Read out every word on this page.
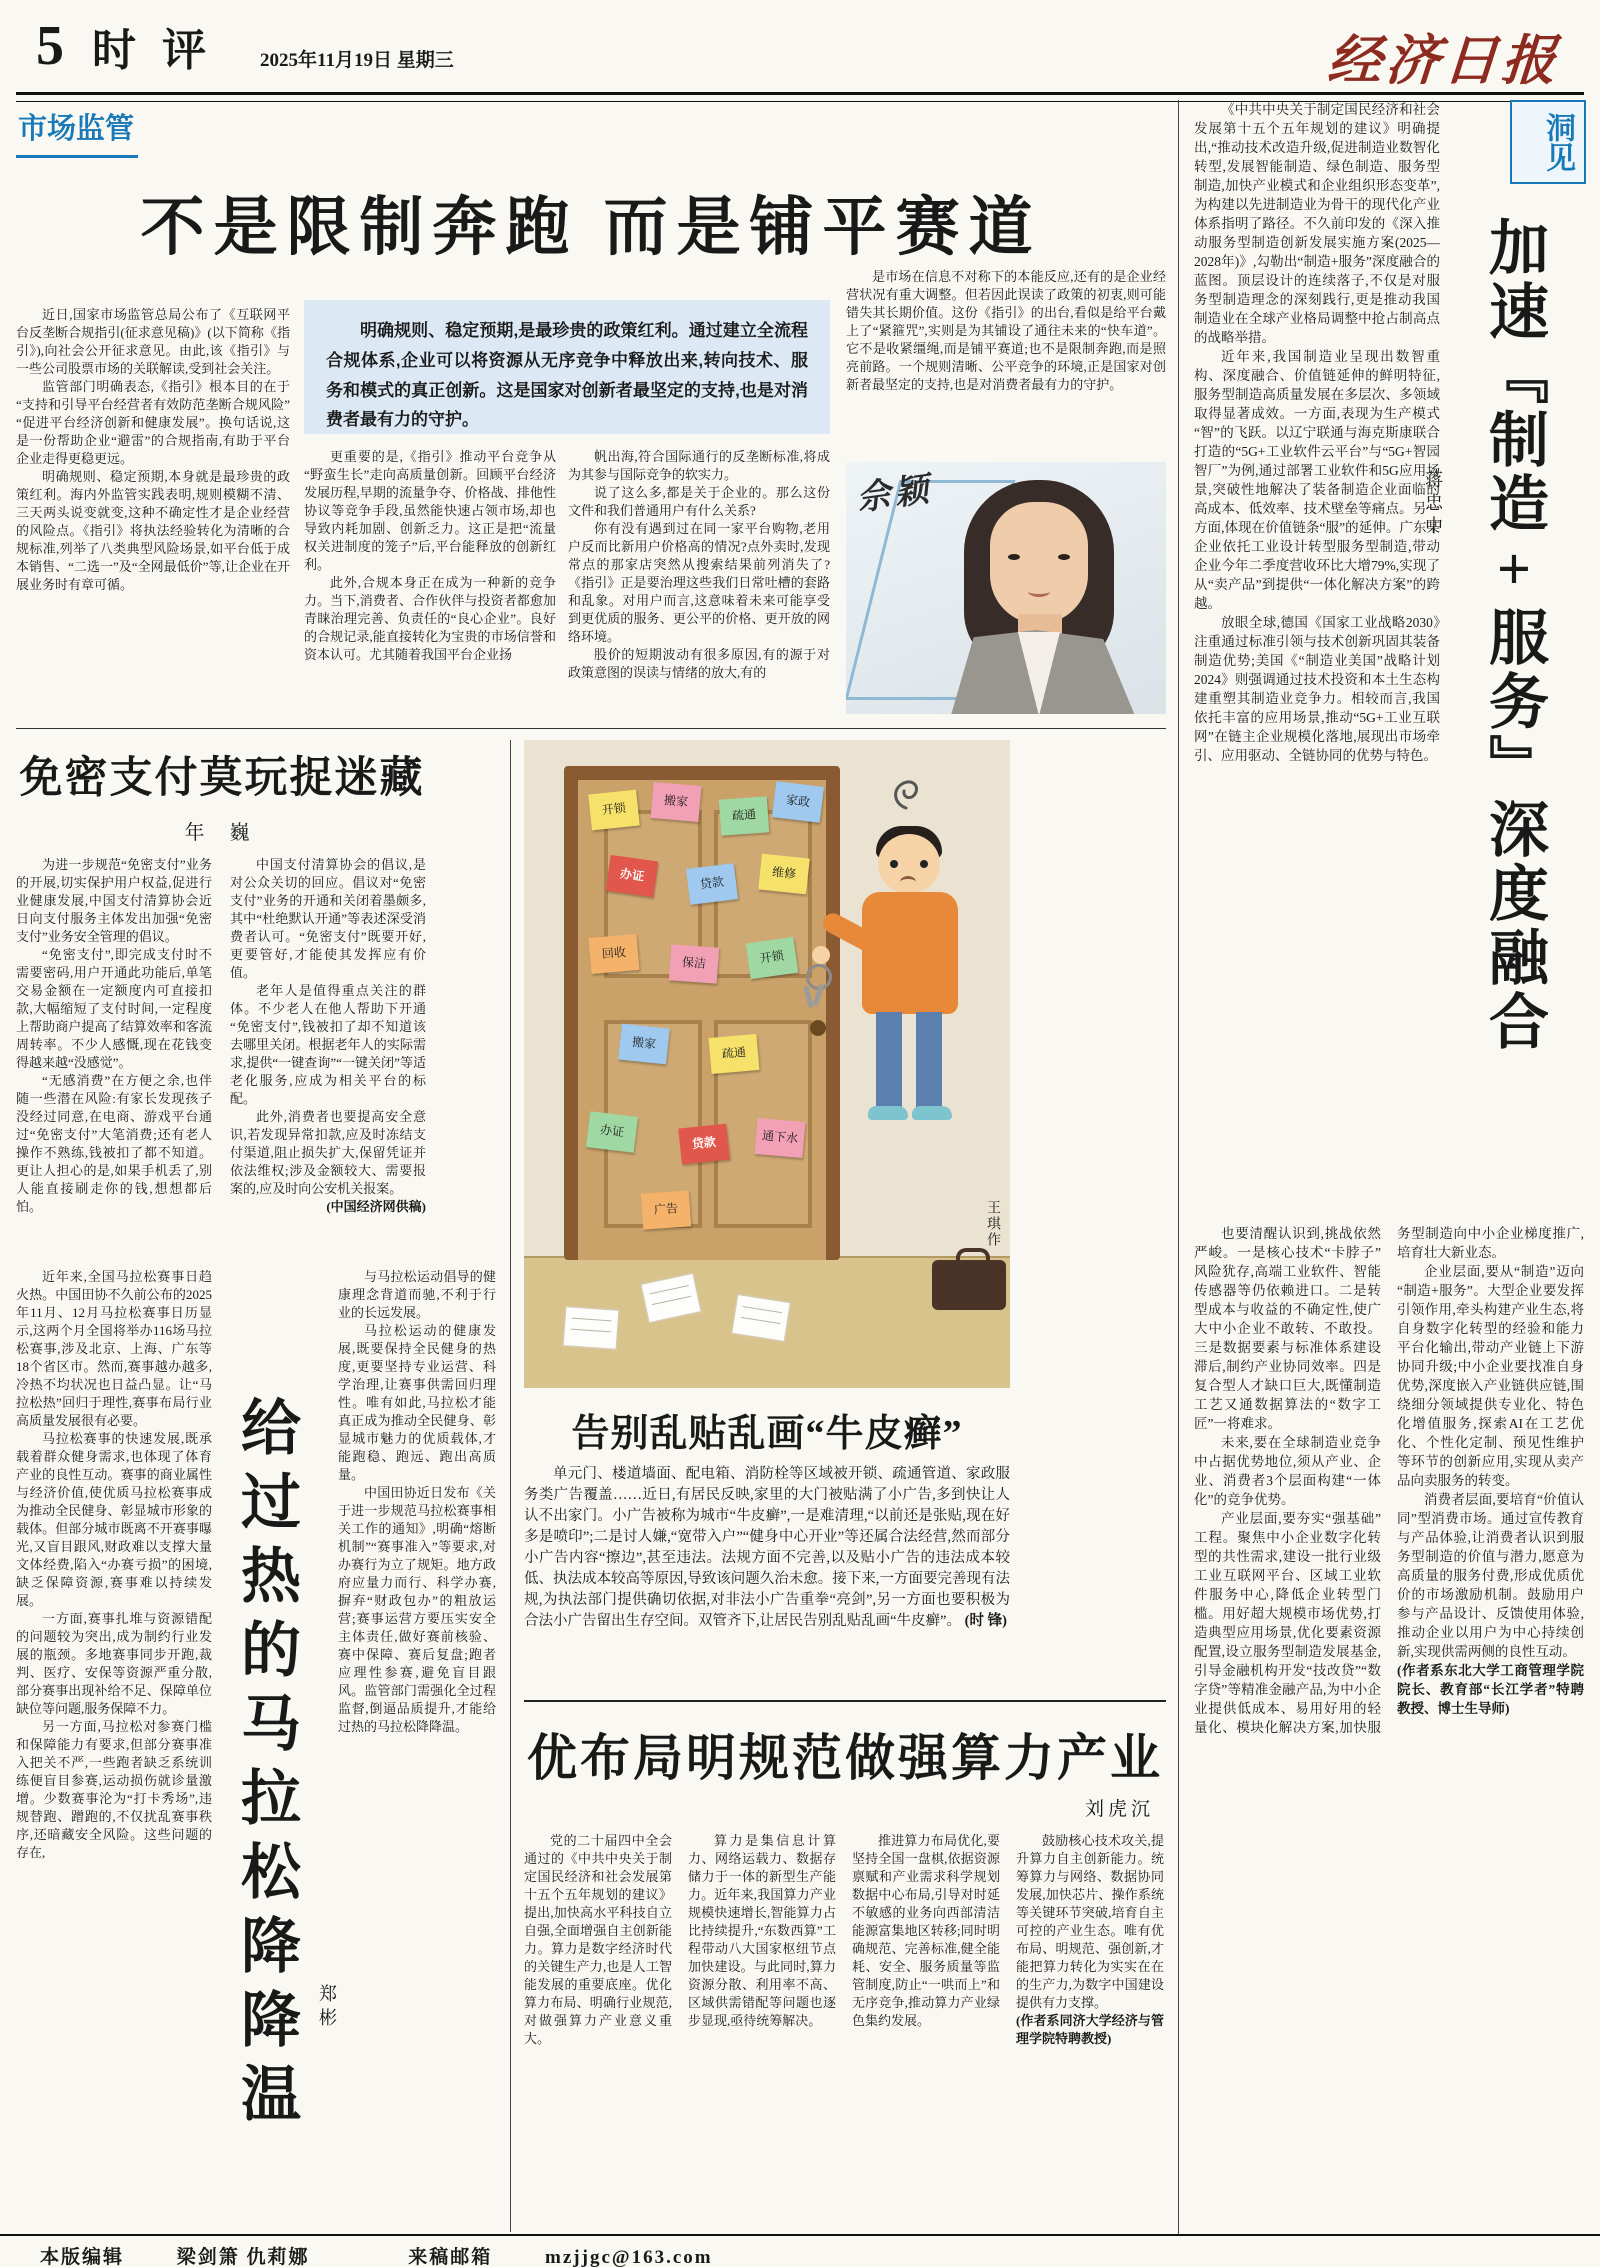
5 时评 2025年11月19日 星期三	经济日报
市场监管
不是限制奔跑 而是铺平赛道

明确规则、稳定预期,是最珍贵的政策红利。通过建立全流程合规体系,企业可以将资源从无序竞争中释放出来,转向技术、服务和模式的真正创新。这是国家对创新者最坚定的支持,也是对消费者最有力的守护。

近日,国家市场监管总局公布了《互联网平台反垄断合规指引(征求意见稿)》(以下简称《指引》),向社会公开征求意见。由此,该《指引》与一些公司股票市场的关联解读,受到社会关注。

监管部门明确表态,《指引》根本目的在于“支持和引导平台经营者有效防范垄断合规风险”“促进平台经济创新和健康发展”。换句话说,这是一份帮助企业“避雷”的合规指南,有助于平台企业走得更稳更远。

明确规则、稳定预期,本身就是最珍贵的政策红利。海内外监管实践表明,规则模糊不清、三天两头说变就变,这种不确定性才是企业经营的风险点。《指引》将执法经验转化为清晰的合规标准,列举了八类典型风险场景,如平台低于成本销售、“二选一”及“全网最低价”等,让企业在开展业务时有章可循。

更重要的是,《指引》推动平台竞争从“野蛮生长”走向高质量创新。回顾平台经济发展历程,早期的流量争夺、价格战、排他性协议等竞争手段,虽然能快速占领市场,却也导致内耗加剧、创新乏力。这正是把“流量权关进制度的笼子”后,平台能释放的创新红利。

此外,合规本身正在成为一种新的竞争力。当下,消费者、合作伙伴与投资者都愈加青睐治理完善、负责任的“良心企业”。良好的合规记录,能直接转化为宝贵的市场信誉和资本认可。尤其随着我国平台企业扬

帆出海,符合国际通行的反垄断标准,将成为其参与国际竞争的软实力。

说了这么多,都是关于企业的。那么这份文件和我们普通用户有什么关系?

你有没有遇到过在同一家平台购物,老用户反而比新用户价格高的情况?点外卖时,发现常点的那家店突然从搜索结果前列消失了?《指引》正是要治理这些我们日常吐槽的套路和乱象。对用户而言,这意味着未来可能享受到更优质的服务、更公平的价格、更开放的网络环境。

股价的短期波动有很多原因,有的源于对政策意图的误读与情绪的放大,有的

是市场在信息不对称下的本能反应,还有的是企业经营状况有重大调整。但若因此误读了政策的初衷,则可能错失其长期价值。这份《指引》的出台,看似是给平台戴上了“紧箍咒”,实则是为其铺设了通往未来的“快车道”。它不是收紧缰绳,而是铺平赛道;也不是限制奔跑,而是照亮前路。一个规则清晰、公平竞争的环境,正是国家对创新者最坚定的支持,也是对消费者最有力的守护。

佘颖
免密支付莫玩捉迷藏
年 巍

为进一步规范“免密支付”业务的开展,切实保护用户权益,促进行业健康发展,中国支付清算协会近日向支付服务主体发出加强“免密支付”业务安全管理的倡议。

“免密支付”,即完成支付时不需要密码,用户开通此功能后,单笔交易金额在一定额度内可直接扣款,大幅缩短了支付时间,一定程度上帮助商户提高了结算效率和客流周转率。不少人感慨,现在花钱变得越来越“没感觉”。

“无感消费”在方便之余,也伴随一些潜在风险:有家长发现孩子没经过同意,在电商、游戏平台通过“免密支付”大笔消费;还有老人操作不熟练,钱被扣了都不知道。更让人担心的是,如果手机丢了,别人能直接刷走你的钱,想想都后怕。

中国支付清算协会的倡议,是对公众关切的回应。倡议对“免密支付”业务的开通和关闭着墨颇多,其中“杜绝默认开通”等表述深受消费者认可。“免密支付”既要开好,更要管好,才能使其发挥应有价值。

老年人是值得重点关注的群体。不少老人在他人帮助下开通“免密支付”,钱被扣了却不知道该去哪里关闭。根据老年人的实际需求,提供“一键查询”“一键关闭”等适老化服务,应成为相关平台的标配。

此外,消费者也要提高安全意识,若发现异常扣款,应及时冻结支付渠道,阻止损失扩大,保留凭证并依法维权;涉及金额较大、需要报案的,应及时向公安机关报案。

(中国经济网供稿)
开锁	搬家
疏通
家政
办证	贷款
维修
回收
保洁	开锁
搬家
疏通
办证
贷款	通下水
广告	王琪作
告别乱贴乱画“牛皮癣”

单元门、楼道墙面、配电箱、消防栓等区域被开锁、疏通管道、家政服务类广告覆盖……近日,有居民反映,家里的大门被贴满了小广告,多到快让人认不出家门。小广告被称为城市“牛皮癣”,一是难清理,“以前还是张贴,现在好多是喷印”;二是讨人嫌,“宽带入户”“健身中心开业”等还属合法经营,然而部分小广告内容“擦边”,甚至违法。法规方面不完善,以及贴小广告的违法成本较低、执法成本较高等原因,导致该问题久治未愈。接下来,一方面要完善现有法规,为执法部门提供确切依据,对非法小广告重拳“亮剑”,另一方面也要积极为合法小广告留出生存空间。双管齐下,让居民告别乱贴乱画“牛皮癣”。 (时 锋)

近年来,全国马拉松赛事日趋火热。中国田协不久前公布的2025年11月、12月马拉松赛事日历显示,这两个月全国将举办116场马拉松赛事,涉及北京、上海、广东等18个省区市。然而,赛事越办越多,冷热不均状况也日益凸显。让“马拉松热”回归于理性,赛事布局行业高质量发展很有必要。

马拉松赛事的快速发展,既承载着群众健身需求,也体现了体育产业的良性互动。赛事的商业属性与经济价值,使优质马拉松赛事成为推动全民健身、彰显城市形象的载体。但部分城市既离不开赛事曝光,又盲目跟风,财政难以支撑大量文体经费,陷入“办赛亏损”的困境,缺乏保障资源,赛事难以持续发展。

一方面,赛事扎堆与资源错配的问题较为突出,成为制约行业发展的瓶颈。多地赛事同步开跑,裁判、医疗、安保等资源严重分散,部分赛事出现补给不足、保障单位缺位等问题,服务保障不力。

另一方面,马拉松对参赛门槛和保障能力有要求,但部分赛事准入把关不严,一些跑者缺乏系统训练便盲目参赛,运动损伤就诊量激增。少数赛事沦为“打卡秀场”,违规替跑、蹭跑的,不仅扰乱赛事秩序,还暗藏安全风险。这些问题的存在,	给过热的马拉松降降温 郑彬

与马拉松运动倡导的健康理念背道而驰,不利于行业的长远发展。

马拉松运动的健康发展,既要保持全民健身的热度,更要坚持专业运营、科学治理,让赛事供需回归理性。唯有如此,马拉松才能真正成为推动全民健身、彰显城市魅力的优质载体,才能跑稳、跑远、跑出高质量。

中国田协近日发布《关于进一步规范马拉松赛事相关工作的通知》,明确“熔断机制”“赛事准入”等要求,对办赛行为立了规矩。地方政府应量力而行、科学办赛,摒弃“财政包办”的粗放运营;赛事运营方要压实安全主体责任,做好赛前核验、赛中保障、赛后复盘;跑者应理性参赛,避免盲目跟风。监管部门需强化全过程监督,倒逼品质提升,才能给过热的马拉松降降温。

优布局明规范做强算力产业
刘虎沉

党的二十届四中全会通过的《中共中央关于制定国民经济和社会发展第十五个五年规划的建议》提出,加快高水平科技自立自强,全面增强自主创新能力。算力是数字经济时代的关键生产力,也是人工智能发展的重要底座。优化算力布局、明确行业规范,对做强算力产业意义重大。

算力是集信息计算力、网络运载力、数据存储力于一体的新型生产能力。近年来,我国算力产业规模快速增长,智能算力占比持续提升,“东数西算”工程带动八大国家枢纽节点加快建设。与此同时,算力资源分散、利用率不高、区域供需错配等问题也逐步显现,亟待统筹解决。

推进算力布局优化,要坚持全国一盘棋,依据资源禀赋和产业需求科学规划数据中心布局,引导对时延不敏感的业务向西部清洁能源富集地区转移;同时明确规范、完善标准,健全能耗、安全、服务质量等监管制度,防止“一哄而上”和无序竞争,推动算力产业绿色集约发展。

鼓励核心技术攻关,提升算力自主创新能力。统筹算力与网络、数据协同发展,加快芯片、操作系统等关键环节突破,培育自主可控的产业生态。唯有优布局、明规范、强创新,才能把算力转化为实实在在的生产力,为数字中国建设提供有力支撑。

(作者系同济大学经济与管理学院特聘教授)
洞见
加速『制造+服务』深度融合
蒋忠中

《中共中央关于制定国民经济和社会发展第十五个五年规划的建议》明确提出,“推动技术改造升级,促进制造业数智化转型,发展智能制造、绿色制造、服务型制造,加快产业模式和企业组织形态变革”,为构建以先进制造业为骨干的现代化产业体系指明了路径。不久前印发的《深入推动服务型制造创新发展实施方案(2025—2028年)》,勾勒出“制造+服务”深度融合的蓝图。顶层设计的连续落子,不仅是对服务型制造理念的深刻践行,更是推动我国制造业在全球产业格局调整中抢占制高点的战略举措。

近年来,我国制造业呈现出数智重构、深度融合、价值链延伸的鲜明特征,服务型制造高质量发展在多层次、多领域取得显著成效。一方面,表现为生产模式“智”的飞跃。以辽宁联通与海克斯康联合打造的“5G+工业软件云平台”与“5G+智园智厂”为例,通过部署工业软件和5G应用场景,突破性地解决了装备制造企业面临的高成本、低效率、技术壁垒等痛点。另一方面,体现在价值链条“服”的延伸。广东某企业依托工业设计转型服务型制造,带动企业今年二季度营收环比大增79%,实现了从“卖产品”到提供“一体化解决方案”的跨越。

放眼全球,德国《国家工业战略2030》注重通过标准引领与技术创新巩固其装备制造优势;美国《“制造业美国”战略计划2024》则强调通过技术投资和本土生态构建重塑其制造业竞争力。相较而言,我国依托丰富的应用场景,推动“5G+工业互联网”在链主企业规模化落地,展现出市场牵引、应用驱动、全链协同的优势与特色。

也要清醒认识到,挑战依然严峻。一是核心技术“卡脖子”风险犹存,高端工业软件、智能传感器等仍依赖进口。二是转型成本与收益的不确定性,使广大中小企业不敢转、不敢投。三是数据要素与标准体系建设滞后,制约产业协同效率。四是复合型人才缺口巨大,既懂制造工艺又通数据算法的“数字工匠”一将难求。

未来,要在全球制造业竞争中占据优势地位,须从产业、企业、消费者3个层面构建“一体化”的竞争优势。

产业层面,要夯实“强基础”工程。聚焦中小企业数字化转型的共性需求,建设一批行业级工业互联网平台、区域工业软件服务中心,降低企业转型门槛。用好超大规模市场优势,打造典型应用场景,优化要素资源配置,设立服务型制造发展基金,引导金融机构开发“技改贷”“数字贷”等精准金融产品,为中小企业提供低成本、易用好用的轻量化、模块化解决方案,加快服务型制造向中小企业梯度推广,培育壮大新业态。

企业层面,要从“制造”迈向“制造+服务”。大型企业要发挥引领作用,牵头构建产业生态,将自身数字化转型的经验和能力平台化输出,带动产业链上下游协同升级;中小企业要找准自身优势,深度嵌入产业链供应链,围绕细分领域提供专业化、特色化增值服务,探索AI在工艺优化、个性化定制、预见性维护等环节的创新应用,实现从卖产品向卖服务的转变。

消费者层面,要培育“价值认同”型消费市场。通过宣传教育与产品体验,让消费者认识到服务型制造的价值与潜力,愿意为高质量的服务付费,形成优质优价的市场激励机制。鼓励用户参与产品设计、反馈使用体验,推动企业以用户为中心持续创新,实现供需两侧的良性互动。

(作者系东北大学工商管理学院院长、教育部“长江学者”特聘教授、博士生导师)
本版编辑	梁剑箫 仇莉娜	来稿邮箱	mzjjgc@163.com
